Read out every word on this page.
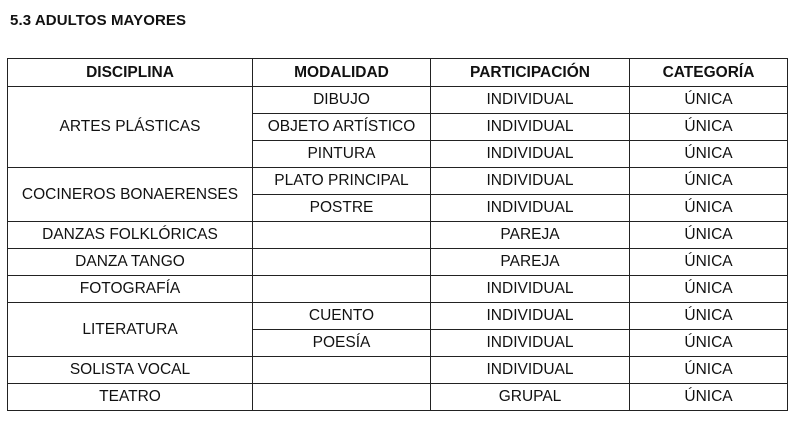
5.3 ADULTOS MAYORES
DISCIPLINA	MODALIDAD	PARTICIPACIÓN	CATEGORÍA
ARTES PLÁSTICAS	DIBUJO	INDIVIDUAL	ÚNICA
	OBJETO ARTÍSTICO	INDIVIDUAL	ÚNICA
	PINTURA	INDIVIDUAL	ÚNICA
COCINEROS BONAERENSES	PLATO PRINCIPAL	INDIVIDUAL	ÚNICA
	POSTRE	INDIVIDUAL	ÚNICA
DANZAS FOLKLÓRICAS		PAREJA	ÚNICA
DANZA TANGO		PAREJA	ÚNICA
FOTOGRAFÍA		INDIVIDUAL	ÚNICA
LITERATURA	CUENTO	INDIVIDUAL	ÚNICA
	POESÍA	INDIVIDUAL	ÚNICA
SOLISTA VOCAL		INDIVIDUAL	ÚNICA
TEATRO		GRUPAL	ÚNICA
